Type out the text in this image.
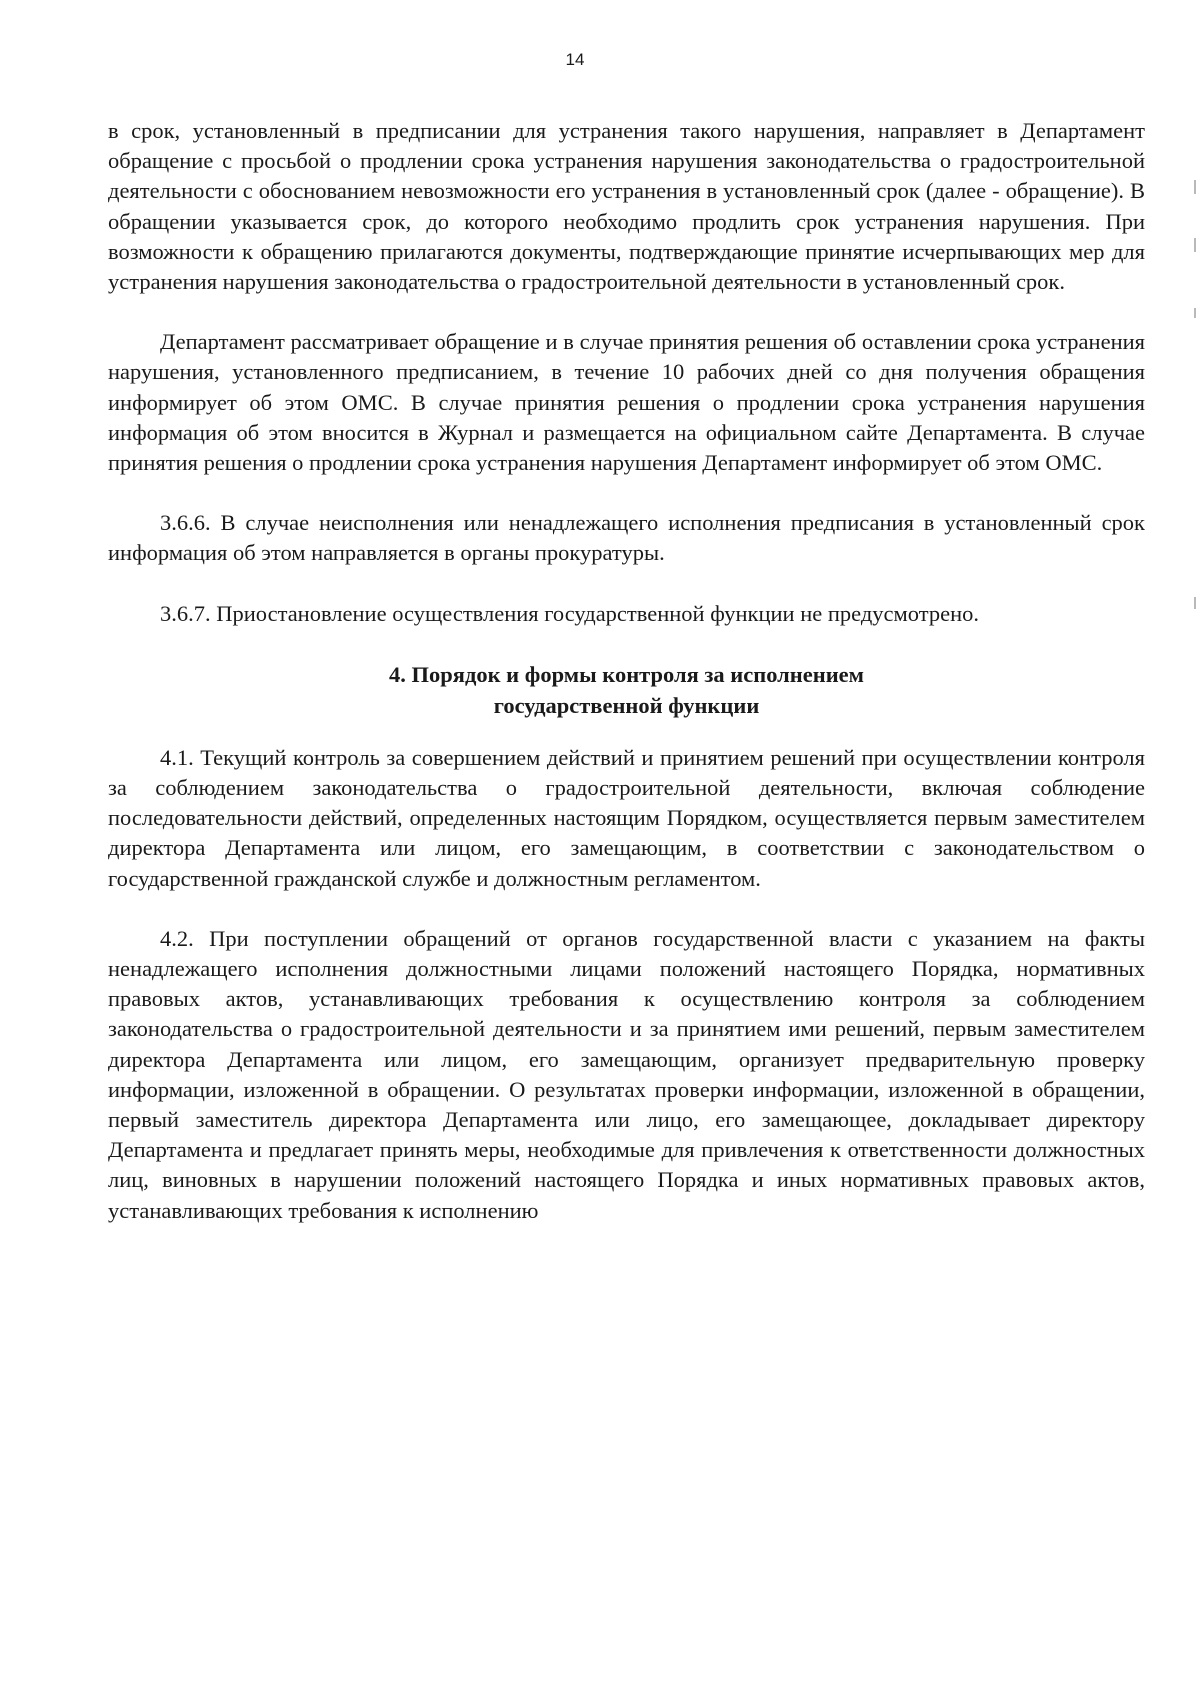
14

в срок, установленный в предписании для устранения такого нарушения, направляет в Департамент обращение с просьбой о продлении срока устранения нарушения законодательства о градостроительной деятельности с обоснованием невозможности его устранения в установленный срок (далее - обращение). В обращении указывается срок, до которого необходимо продлить срок устранения нарушения. При возможности к обращению прилагаются документы, подтверждающие принятие исчерпывающих мер для устранения нарушения законодательства о градостроительной деятельности в установленный срок.

Департамент рассматривает обращение и в случае принятия решения об оставлении срока устранения нарушения, установленного предписанием, в течение 10 рабочих дней со дня получения обращения информирует об этом ОМС. В случае принятия решения о продлении срока устранения нарушения информация об этом вносится в Журнал и размещается на официальном сайте Департамента. В случае принятия решения о продлении срока устранения нарушения Департамент информирует об этом ОМС.

3.6.6. В случае неисполнения или ненадлежащего исполнения предписания в установленный срок информация об этом направляется в органы прокуратуры.

3.6.7. Приостановление осуществления государственной функции не предусмотрено.

4. Порядок и формы контроля за исполнением
государственной функции

4.1. Текущий контроль за совершением действий и принятием решений при осуществлении контроля за соблюдением законодательства о градостроительной деятельности, включая соблюдение последовательности действий, определенных настоящим Порядком, осуществляется первым заместителем директора Департамента или лицом, его замещающим, в соответствии с законодательством о государственной гражданской службе и должностным регламентом.

4.2. При поступлении обращений от органов государственной власти с указанием на факты ненадлежащего исполнения должностными лицами положений настоящего Порядка, нормативных правовых актов, устанавливающих требования к осуществлению контроля за соблюдением законодательства о градостроительной деятельности и за принятием ими решений, первым заместителем директора Департамента или лицом, его замещающим, организует предварительную проверку информации, изложенной в обращении. О результатах проверки информации, изложенной в обращении, первый заместитель директора Департамента или лицо, его замещающее, докладывает директору Департамента и предлагает принять меры, необходимые для привлечения к ответственности должностных лиц, виновных в нарушении положений настоящего Порядка и иных нормативных правовых актов, устанавливающих требования к исполнению
